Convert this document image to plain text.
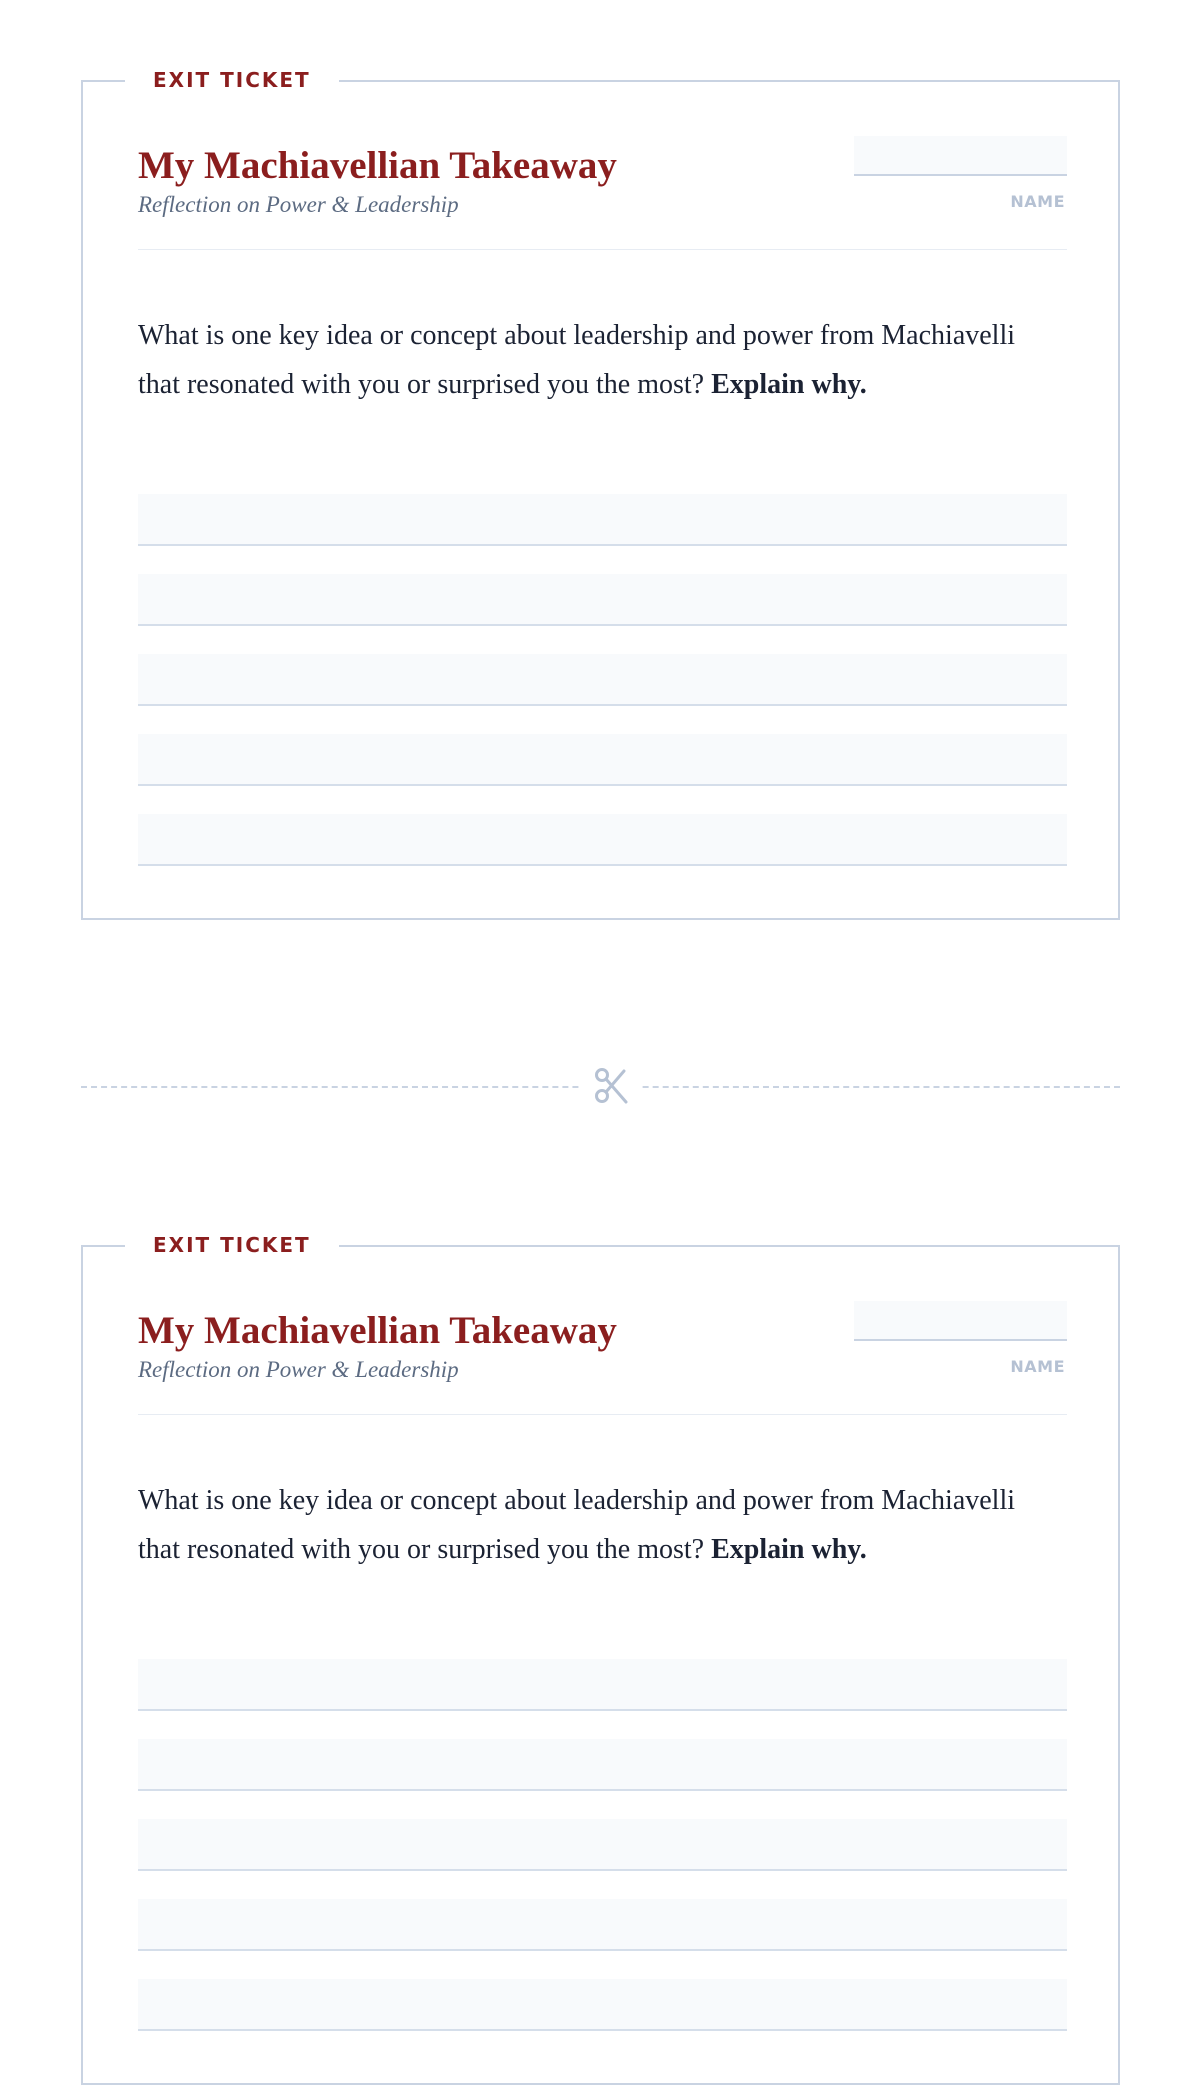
EXIT TICKET
My Machiavellian Takeaway
Reflection on Power & Leadership	NAME

What is one key idea or concept about leadership and power from Machiavelli that resonated with you or surprised you the most? Explain why.

EXIT TICKET
My Machiavellian Takeaway
Reflection on Power & Leadership	NAME

What is one key idea or concept about leadership and power from Machiavelli that resonated with you or surprised you the most? Explain why.
